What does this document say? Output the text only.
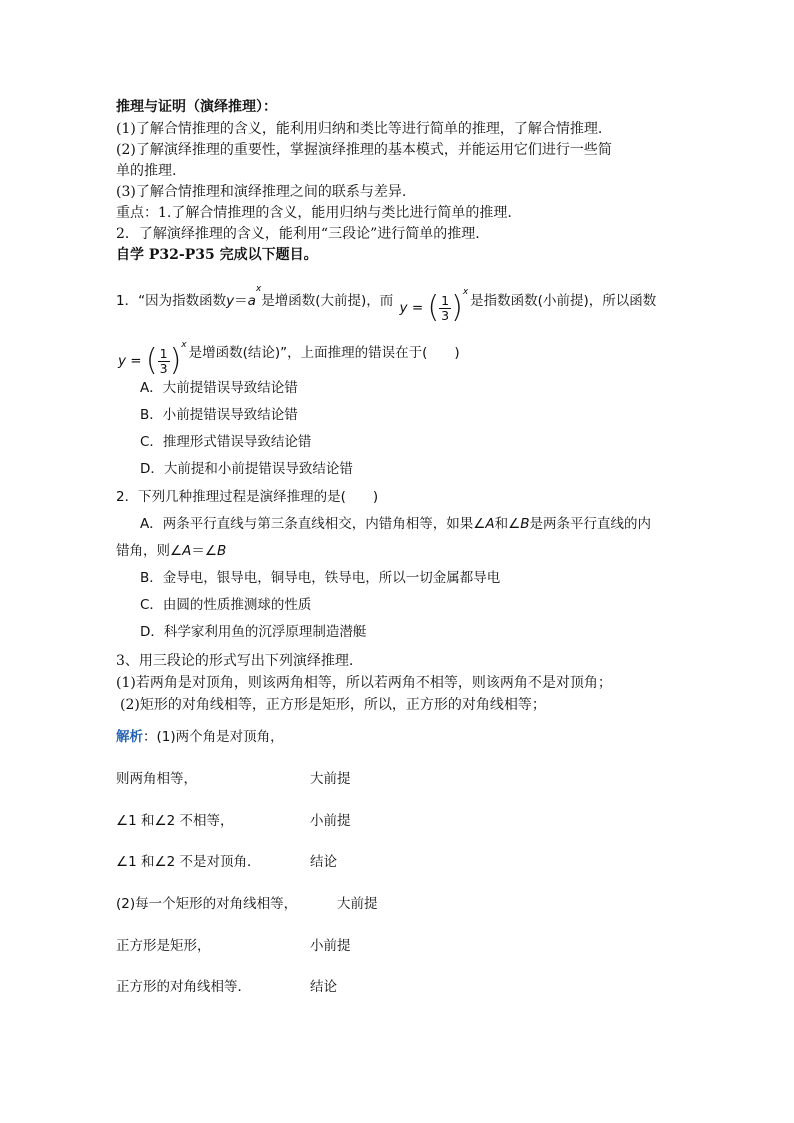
推理与证明（演绎推理）：
(1)了解合情推理的含义，能利用归纳和类比等进行简单的推理，了解合情推理.
(2)了解演绎推理的重要性，掌握演绎推理的基本模式，并能运用它们进行一些简
单的推理.
(3)了解合情推理和演绎推理之间的联系与差异.
重点：1.了解合情推理的含义，能用归纳与类比进行简单的推理.
2．了解演绎推理的含义，能利用“三段论”进行简单的推理.
自学 P32-P35 完成以下题目。
1．“因为指数函数$y=a^x$是增函数(大前提)，而 y = ( $\frac{1}{3} )^x$是指数函数(小前提)，所以函数
y = ( $\frac{1}{3} )^x$ 是增函数(结论)”，上面推理的错误在于(　　)
A．大前提错误导致结论错
B．小前提错误导致结论错
C．推理形式错误导致结论错
D．大前提和小前提错误导致结论错
2．下列几种推理过程是演绎推理的是(　　)
A．两条平行直线与第三条直线相交，内错角相等，如果∠A和∠B是两条平行直线的内
错角，则∠A＝∠B
B．金导电，银导电，铜导电，铁导电，所以一切金属都导电
C．由圆的性质推测球的性质
D．科学家利用鱼的沉浮原理制造潜艇
3、用三段论的形式写出下列演绎推理.
(1)若两角是对顶角，则该两角相等，所以若两角不相等，则该两角不是对顶角；
(2)矩形的对角线相等，正方形是矩形，所以，正方形的对角线相等；
解析：(1)两个角是对顶角，
则两角相等，	大前提
∠1 和∠2 不相等，	小前提
∠1 和∠2 不是对顶角．	结论
(2)每一个矩形的对角线相等，	大前提
正方形是矩形，	小前提
正方形的对角线相等．	结论
